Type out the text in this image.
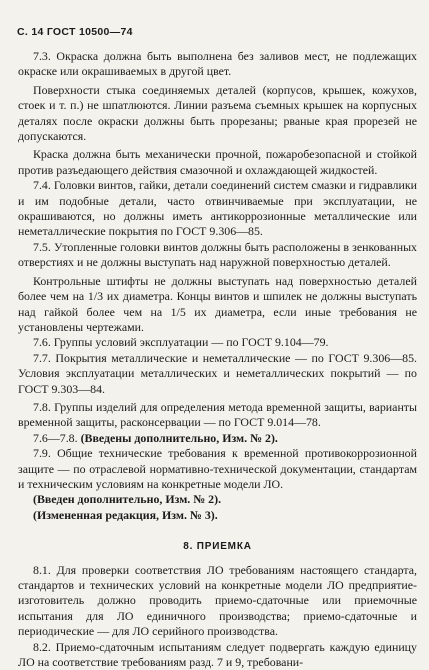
С. 14 ГОСТ 10500—74

7.3. Окраска должна быть выполнена без заливов мест, не подлежащих окраске или окрашиваемых в другой цвет.

Поверхности стыка соединяемых деталей (корпусов, крышек, кожухов, стоек и т. п.) не шпатлюются. Линии разъема съемных крышек на корпусных деталях после окраски должны быть прорезаны; рваные края прорезей не допускаются.

Краска должна быть механически прочной, пожаробезопасной и стойкой против разъедающего действия смазочной и охлаждающей жидкостей.

7.4. Головки винтов, гайки, детали соединений систем смазки и гидравлики и им подобные детали, часто отвинчиваемые при эксплуатации, не окрашиваются, но должны иметь антикоррозионные металлические или неметаллические покрытия по ГОСТ 9.306—85.

7.5. Утопленные головки винтов должны быть расположены в зенкованных отверстиях и не должны выступать над наружной поверхностью деталей.

Контрольные штифты не должны выступать над поверхностью деталей более чем на 1/3 их диаметра. Концы винтов и шпилек не должны выступать над гайкой более чем на 1/5 их диаметра, если иные требования не установлены чертежами.

7.6. Группы условий эксплуатации — по ГОСТ 9.104—79.

7.7. Покрытия металлические и неметаллические — по ГОСТ 9.306—85. Условия эксплуатации металлических и неметаллических покрытий — по ГОСТ 9.303—84.

7.8. Группы изделий для определения метода временной защиты, варианты временной защиты, расконсервации — по ГОСТ 9.014—78.

7.6—7.8. (Введены дополнительно, Изм. № 2).

7.9. Общие технические требования к временной противокоррозионной защите — по отраслевой нормативно-технической документации, стандартам и техническим условиям на конкретные модели ЛО.

(Введен дополнительно, Изм. № 2).

(Измененная редакция, Изм. № 3).

8. ПРИЕМКА

8.1. Для проверки соответствия ЛО требованиям настоящего стандарта, стандартов и технических условий на конкретные модели ЛО предприятие-изготовитель должно проводить приемо-сдаточные или приемочные испытания для ЛО единичного производства; приемо-сдаточные и периодические — для ЛО серийного производства.

8.2. Приемо-сдаточным испытаниям следует подвергать каждую единицу ЛО на соответствие требованиям разд. 7 и 9, требовани-
